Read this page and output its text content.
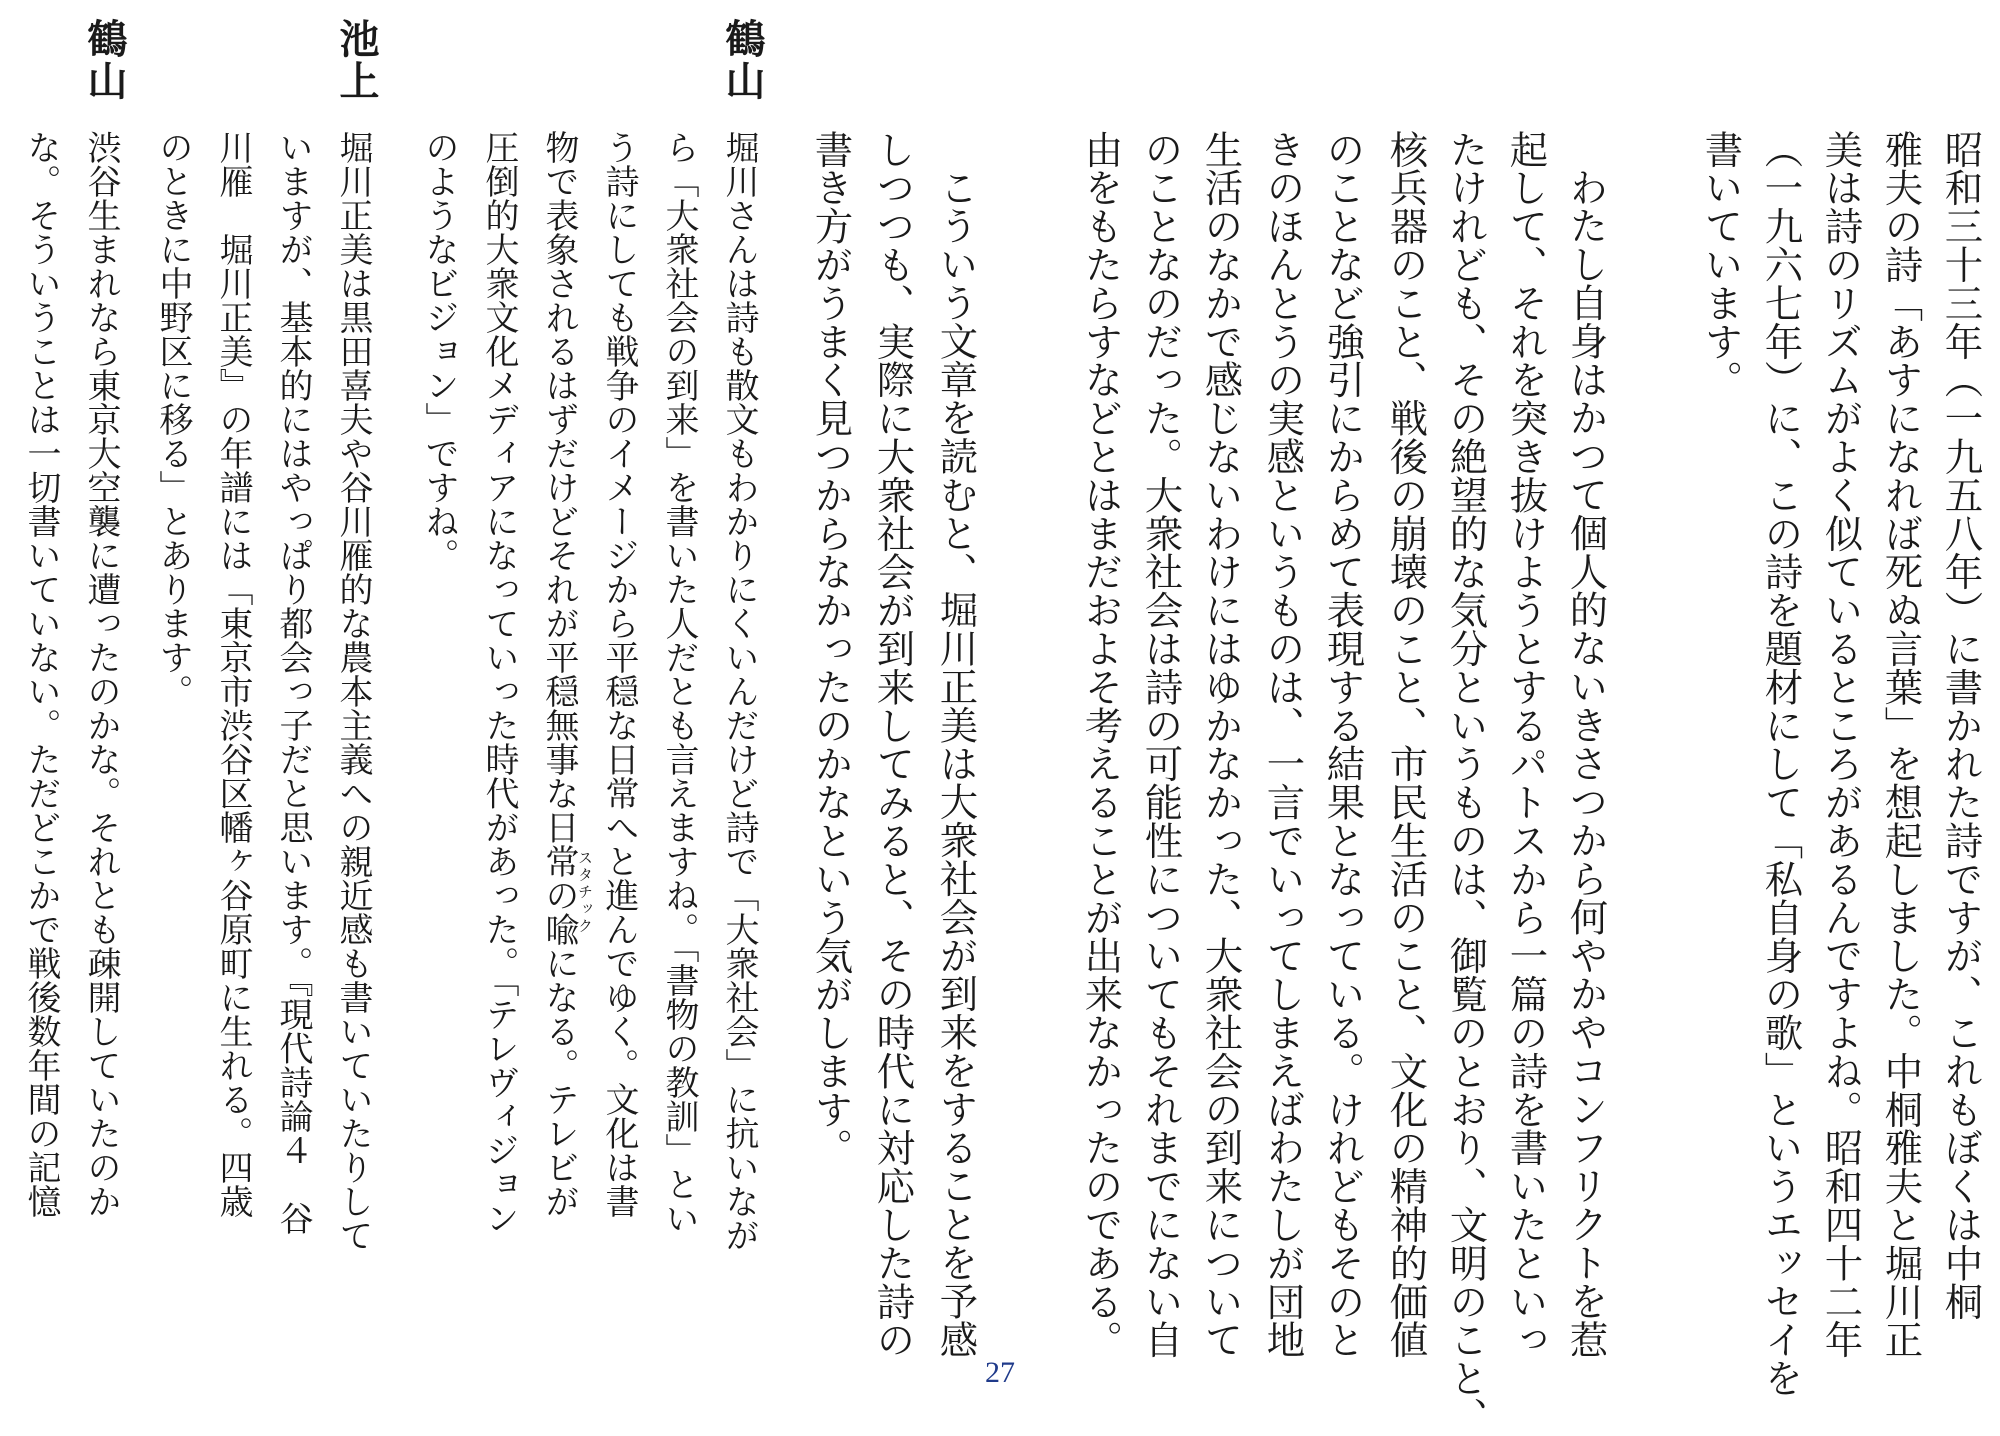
昭和三十三年（一九五八年）に書かれた詩ですが、これもぼくは中桐
雅夫の詩「あすになれば死ぬ言葉」を想起しました。中桐雅夫と堀川正
美は詩のリズムがよく似ているところがあるんですよね。昭和四十二年
（一九六七年）に、この詩を題材にして「私自身の歌」というエッセイを
書いています。
わたし自身はかつて個人的ないきさつから何やかやコンフリクトを惹
起して、それを突き抜けようとするパトスから一篇の詩を書いたといっ
たけれども、その絶望的な気分というものは、御覧のとおり、文明のこと、
核兵器のこと、戦後の崩壊のこと、市民生活のこと、文化の精神的価値
のことなど強引にからめて表現する結果となっている。けれどもそのと
きのほんとうの実感というものは、一言でいってしまえばわたしが団地
生活のなかで感じないわけにはゆかなかった、大衆社会の到来について
のことなのだった。大衆社会は詩の可能性についてもそれまでにない自
由をもたらすなどとはまだおよそ考えることが出来なかったのである。
こういう文章を読むと、堀川正美は大衆社会が到来をすることを予感
しつつも、実際に大衆社会が到来してみると、その時代に対応した詩の
書き方がうまく見つからなかったのかなという気がします。
鶴山
堀川さんは詩も散文もわかりにくいんだけど詩で「大衆社会」に抗いなが
ら「大衆社会の到来」を書いた人だとも言えますね。「書物の教訓」とい
う詩にしても戦争のイメージから平穏な日常へと進んでゆく。文化は書
スタチック
物で表象されるはずだけどそれが平穏無事な日常の喩になる。テレビが
圧倒的大衆文化メディアになっていった時代があった。「テレヴィジョン
のようなビジョン」ですね。
池上
堀川正美は黒田喜夫や谷川雁的な農本主義への親近感も書いていたりして
いますが、基本的にはやっぱり都会っ子だと思います。『現代詩論４　谷
川雁　堀川正美』の年譜には「東京市渋谷区幡ヶ谷原町に生れる。四歳
のときに中野区に移る」とあります。
鶴山
渋谷生まれなら東京大空襲に遭ったのかな。それとも疎開していたのか
な。そういうことは一切書いていない。ただどこかで戦後数年間の記憶
27
